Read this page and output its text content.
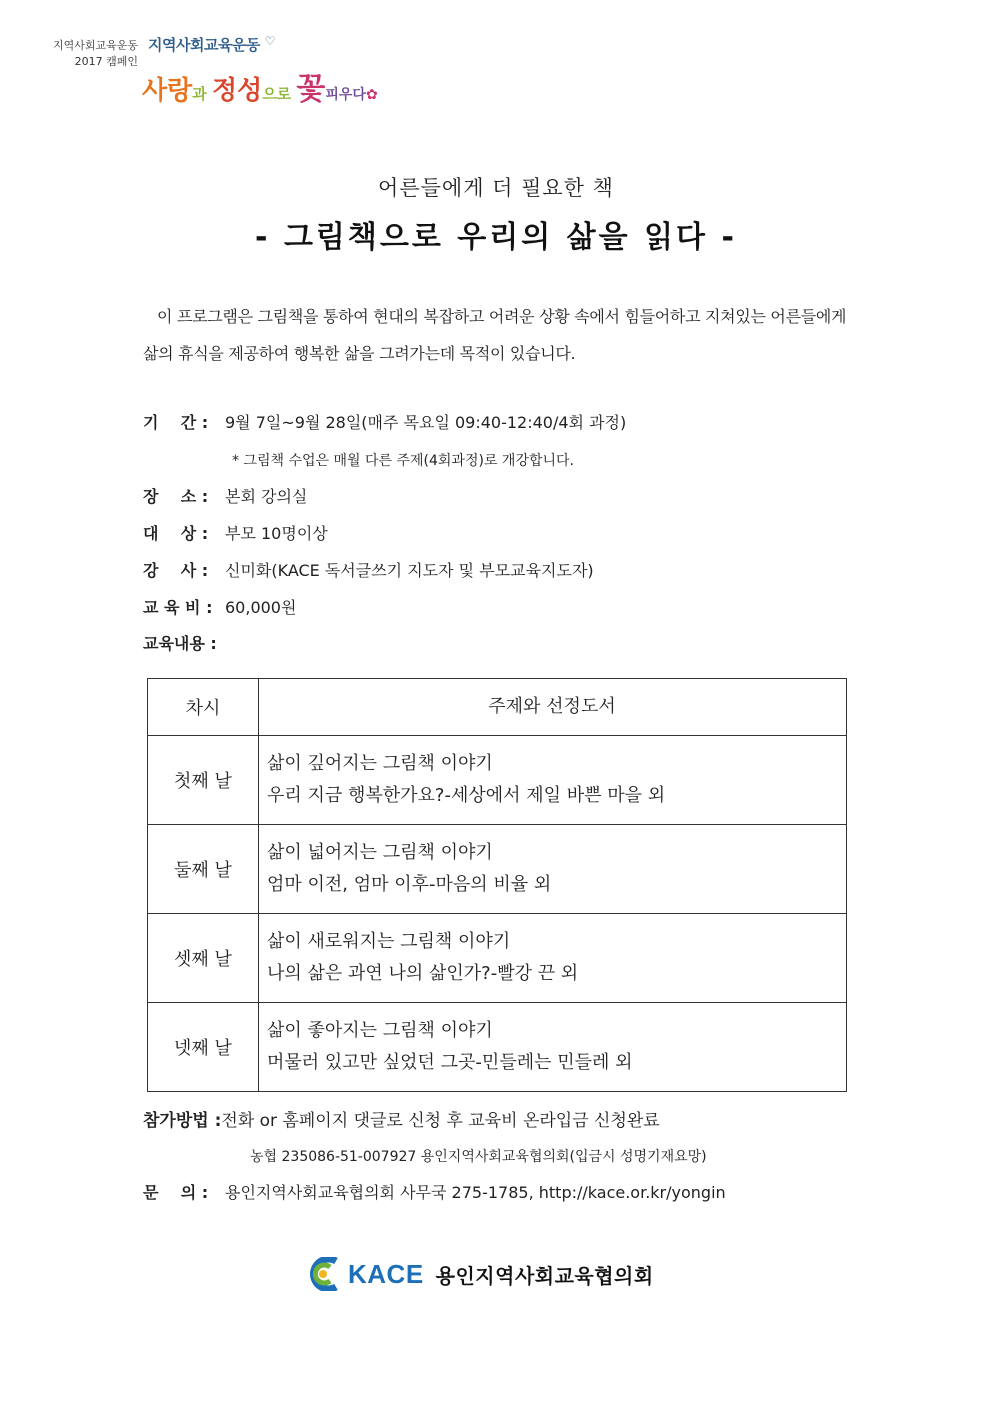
지역사회교육운동
2017 캠페인
지역사회교육운동 ♡
사랑과 정성으로 꽃피우다✿
어른들에게 더 필요한 책
- 그림책으로 우리의 삶을 읽다 -
이 프로그램은 그림책을 통하여 현대의 복잡하고 어려운 상황 속에서 힘들어하고 지쳐있는 어른들에게 삶의 휴식을 제공하여 행복한 삶을 그려가는데 목적이 있습니다.
기    간 : 9월 7일~9월 28일(매주 목요일 09:40-12:40/4회 과정)
* 그림책 수업은 매월 다른 주제(4회과정)로 개강합니다.
장    소 : 본회 강의실
대    상 : 부모 10명이상
강    사 : 신미화(KACE 독서글쓰기 지도자 및 부모교육지도자)
교 육 비 : 60,000원
교육내용 :
차시	주제와 선정도서
첫째 날	삶이 깊어지는 그림책 이야기
우리 지금 행복한가요?-세상에서 제일 바쁜 마을 외

둘째 날	삶이 넓어지는 그림책 이야기
엄마 이전, 엄마 이후-마음의 비율 외

셋째 날	삶이 새로워지는 그림책 이야기
나의 삶은 과연 나의 삶인가?-빨강 끈 외

넷째 날	삶이 좋아지는 그림책 이야기
머물러 있고만 싶었던 그곳-민들레는 민들레 외
참가방법 :전화 or 홈페이지 댓글로 신청 후 교육비 온라입금 신청완료
농협 235086-51-007927 용인지역사회교육협의회(입금시 성명기재요망)
문    의 : 용인지역사회교육협의회 사무국 275-1785, http://kace.or.kr/yongin
KACE 용인지역사회교육협의회
